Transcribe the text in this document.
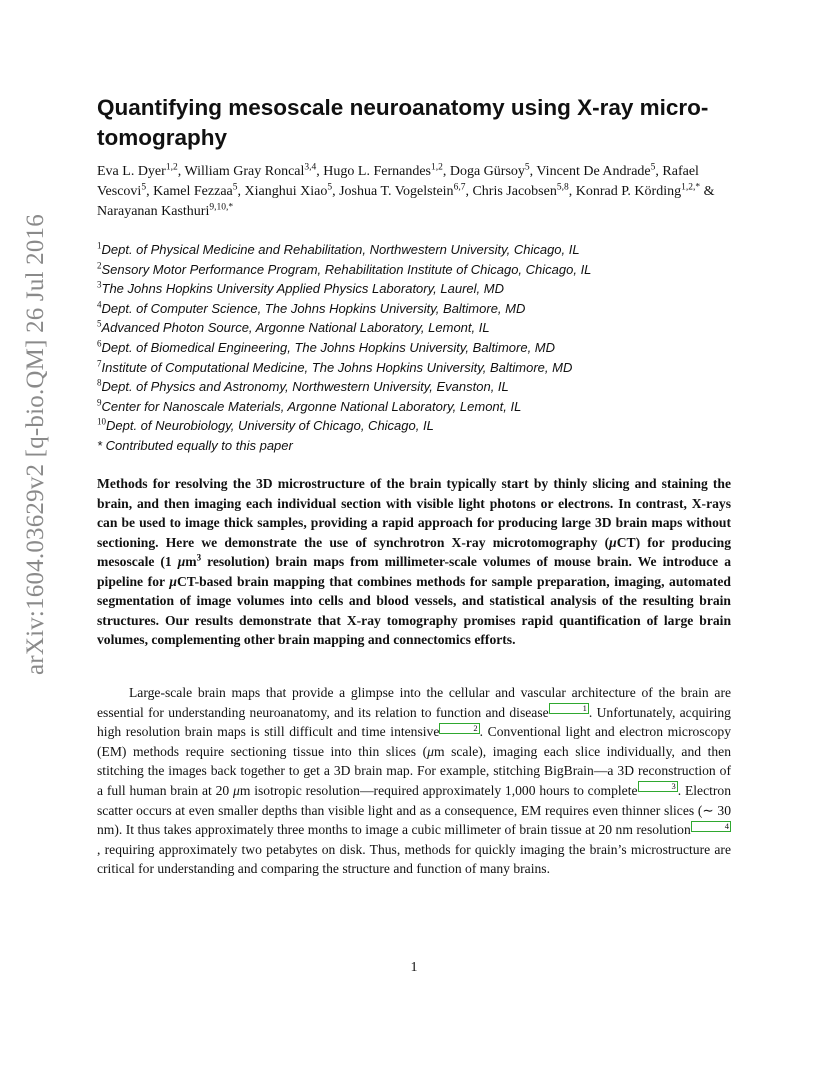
arXiv:1604.03629v2 [q-bio.QM] 26 Jul 2016
Quantifying mesoscale neuroanatomy using X-ray micro-tomography
Eva L. Dyer$^{1,2}$, William Gray Roncal$^{3,4}$, Hugo L. Fernandes$^{1,2}$, Doga Gürsoy$^5$, Vincent De Andrade$^5$, Rafael Vescovi$^5$, Kamel Fezzaa$^5$, Xianghui Xiao$^5$, Joshua T. Vogelstein$^{6,7}$, Chris Jacobsen$^{5,8}$, Konrad P. Körding$^{1,2,*}$ & Narayanan Kasthuri$^{9,10,*}$
$^1$Dept. of Physical Medicine and Rehabilitation, Northwestern University, Chicago, IL
$^2$Sensory Motor Performance Program, Rehabilitation Institute of Chicago, Chicago, IL
$^3$The Johns Hopkins University Applied Physics Laboratory, Laurel, MD
$^4$Dept. of Computer Science, The Johns Hopkins University, Baltimore, MD
$^5$Advanced Photon Source, Argonne National Laboratory, Lemont, IL
$^6$Dept. of Biomedical Engineering, The Johns Hopkins University, Baltimore, MD
$^7$Institute of Computational Medicine, The Johns Hopkins University, Baltimore, MD
$^8$Dept. of Physics and Astronomy, Northwestern University, Evanston, IL
$^9$Center for Nanoscale Materials, Argonne National Laboratory, Lemont, IL
$^{10}$Dept. of Neurobiology, University of Chicago, Chicago, IL
* Contributed equally to this paper
Methods for resolving the 3D microstructure of the brain typically start by thinly slicing and staining the brain, and then imaging each individual section with visible light photons or electrons. In contrast, X-rays can be used to image thick samples, providing a rapid approach for producing large 3D brain maps without sectioning. Here we demonstrate the use of synchrotron X-ray microtomography (μCT) for producing mesoscale (1 $\mu m^3$ resolution) brain maps from millimeter-scale volumes of mouse brain. We introduce a pipeline for μCT-based brain mapping that combines methods for sample preparation, imaging, automated segmentation of image volumes into cells and blood vessels, and statistical analysis of the resulting brain structures. Our results demonstrate that X-ray tomography promises rapid quantification of large brain volumes, complementing other brain mapping and connectomics efforts.

Large-scale brain maps that provide a glimpse into the cellular and vascular architecture of the brain are essential for understanding neuroanatomy, and its relation to function and disease	1 . Unfortunately, acquiring high resolution brain maps is still difficult and time intensive	2 . Conventional light and electron microscopy (EM) methods require sectioning tissue into thin slices (μm scale), imaging each slice individually, and then stitching the images back together to get a 3D brain map. For example, stitching BigBrain—a 3D reconstruction of a full human brain at 20 μm isotropic resolution—required approximately 1,000 hours to complete	3 . Electron scatter occurs at even smaller depths than visible light and as a consequence, EM requires even thinner slices (∼ 30 nm). It thus takes approximately three months to image a cubic millimeter of brain tissue at 20 nm resolution	4, requiring approximately two petabytes on disk. Thus, methods for quickly imaging the brain’s microstructure are critical for understanding and comparing the structure and function of many brains.

1
